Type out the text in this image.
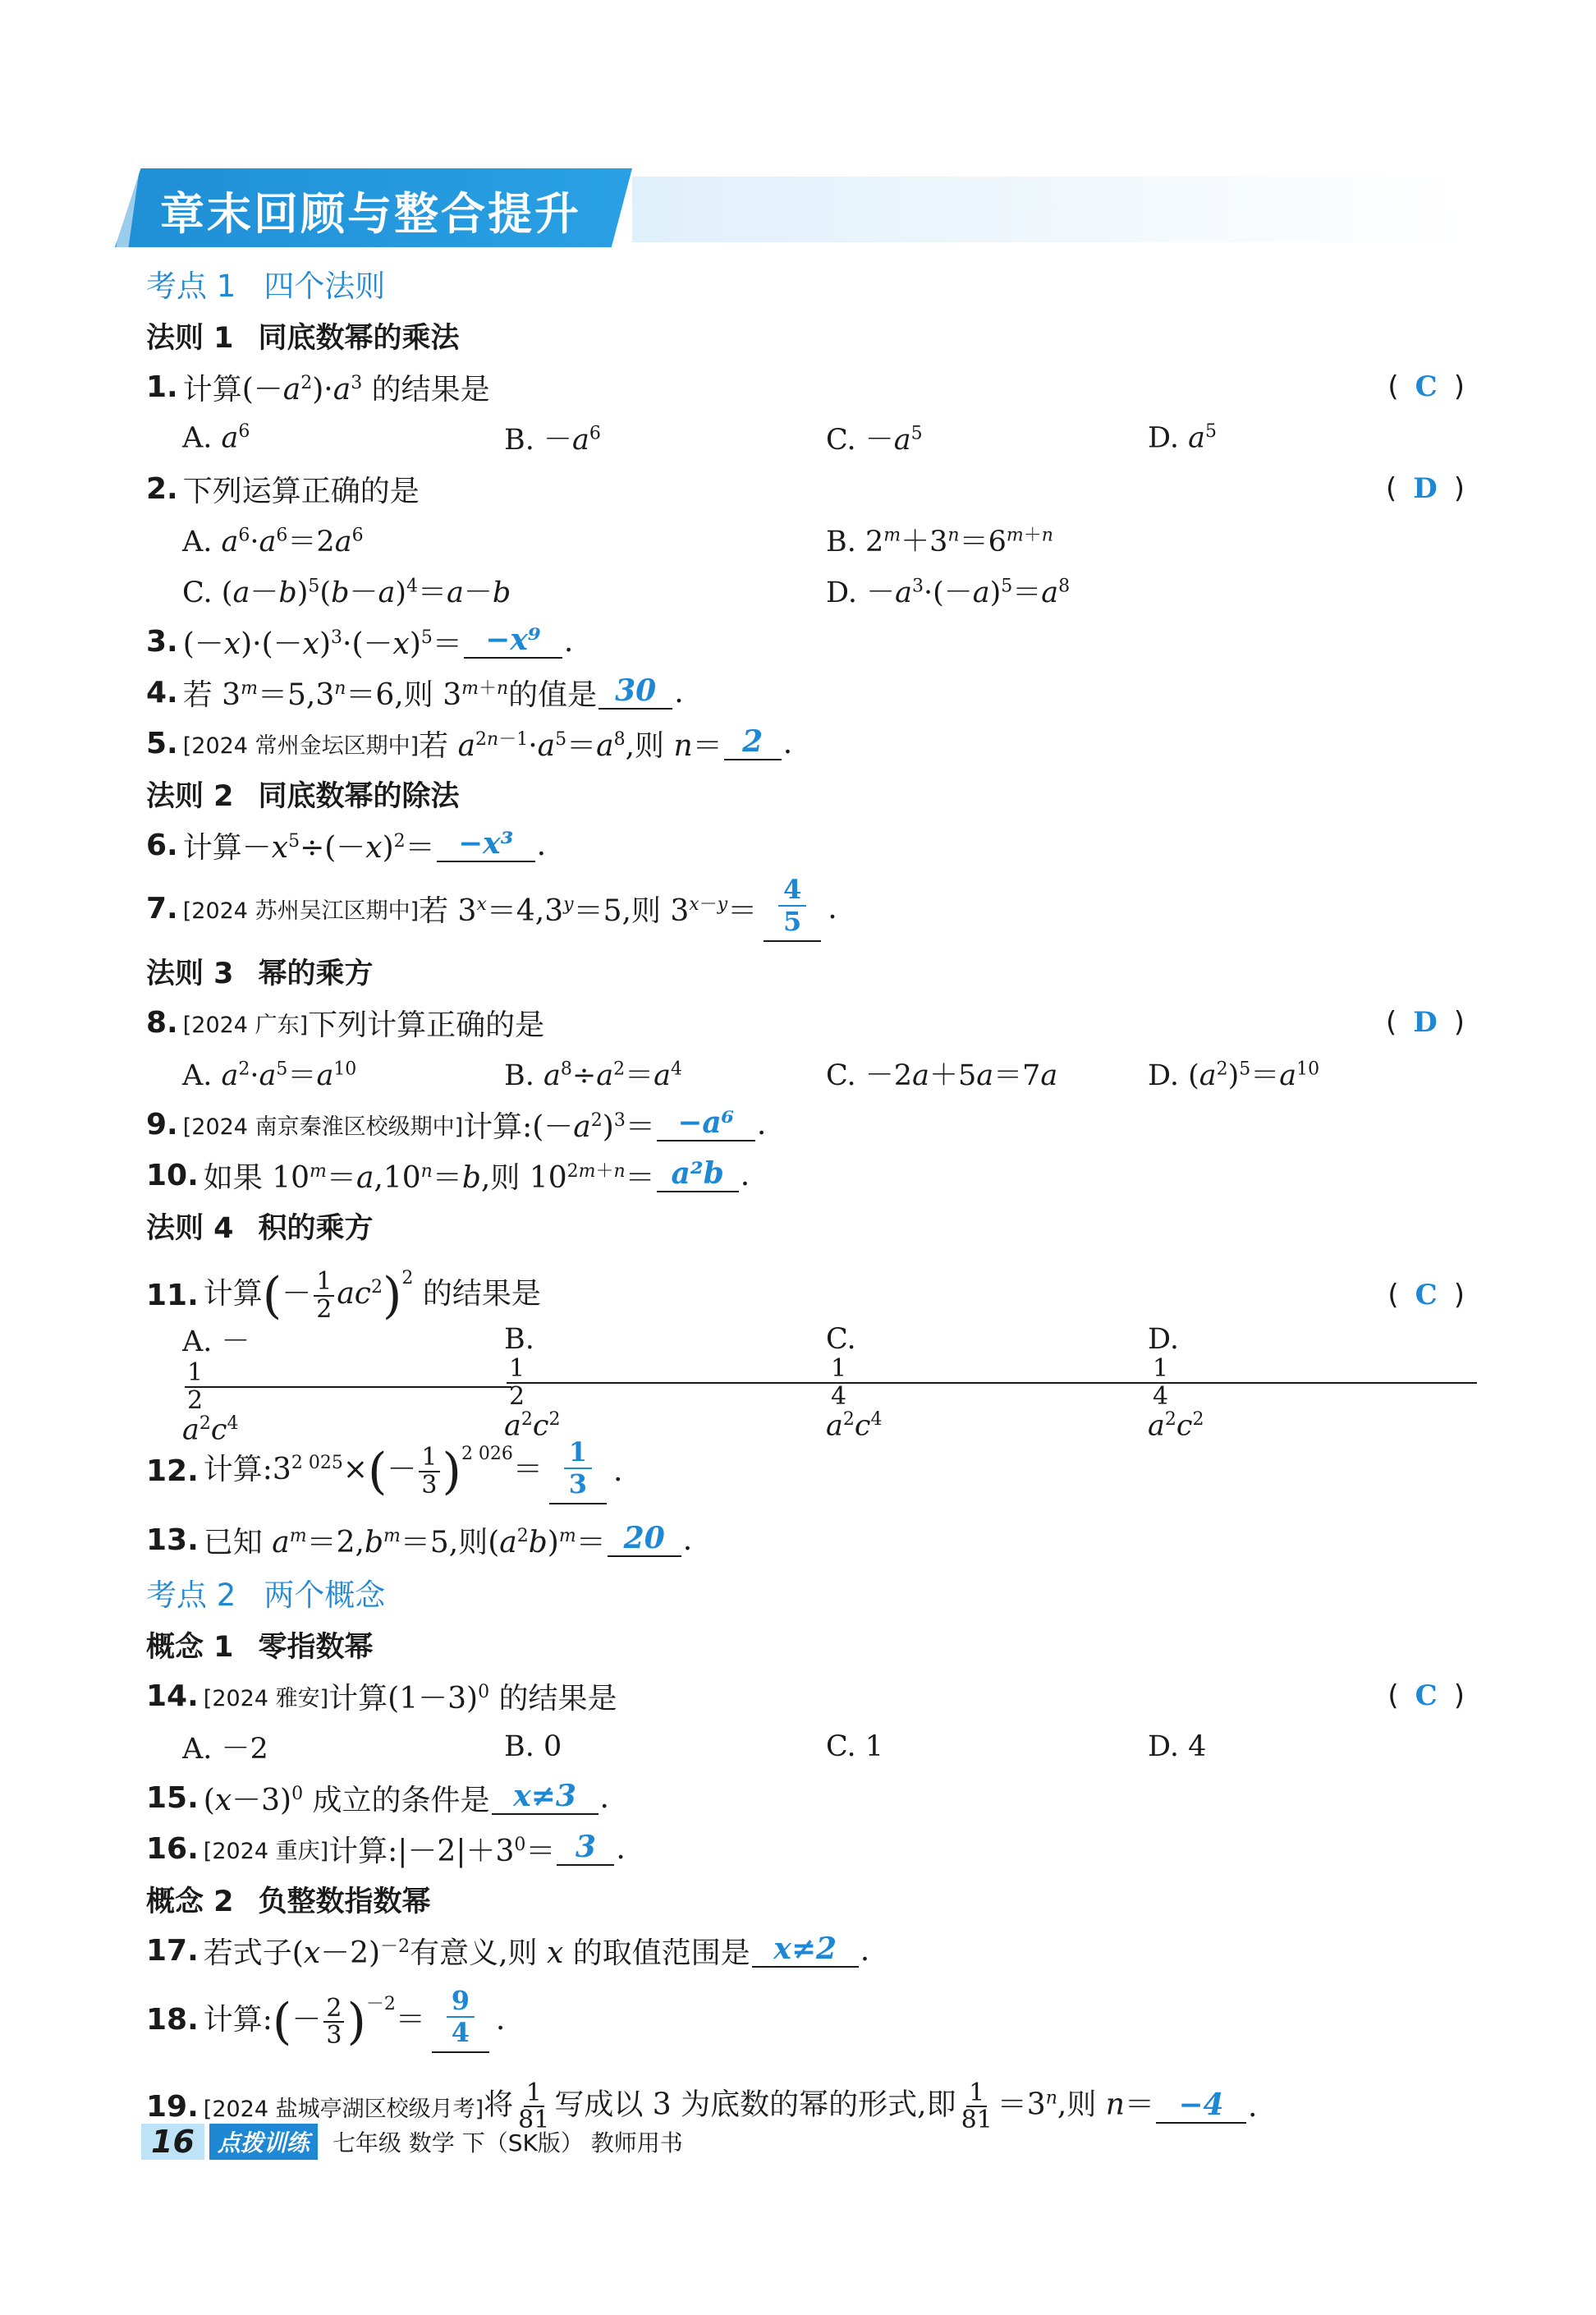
章末回顾与整合提升
考点 1 四个法则
法则 1 同底数幂的乘法
1. 计算$(-a^2)\cdot a^3$ 的结果是	( C )
A. $a^6$	B. $-a^6$	C. $-a^5$	D. $a^5$
2. 下列运算正确的是	( D )
A. $a^6\cdot a^6=2a^6$	B. $2^m+3^n=6^{m+n}$
C. $(a-b)^5(b-a)^4=a-b$	D. $-a^3\cdot(-a)^5=a^8$
3. $(-x)\cdot(-x)^3\cdot(-x)^5= -x^9$ .
4. 若 $3^m=5,3^n=6$,则 $3^{m+n}$的值是 30 .
5. [2024 常州金坛区期中] 若 $a^{2n-1}\cdot a^5=a^8$,则 n＝ 2 .
法则 2 同底数幂的除法
6. 计算$-x^5\div(-x)^2= -x^3$ .
7. [2024 苏州吴江区期中] 若 $3^x=4,3^y=5$,则 $3^{x-y}= \frac{4}{5}$ .
法则 3 幂的乘方
8. [2024 广东] 下列计算正确的是	( D )
A. $a^2\cdot a^5=a^{10}$	B. $a^8\div a^2=a^4$	C. －2a＋5a＝7a	D. $(a^2)^5=a^{10}$
9. [2024 南京秦淮区校级期中] 计算$:(-a^2)^3= -a^6$ .
10. 如果 $10^m=a,10^n=b$,则 $10^{2m+n}= a^2b$ .
法则 4 积的乘方
11. 计算(－ $\frac{1}{2} ac^2)^2$ 的结果是	( C )
A. $-\frac{1}{2}a^2c^4$
B. $\frac{1}{2}a^2c^2$
C. $\frac{1}{4}a^2c^4$
D. $\frac{1}{4}a^2c^2$
12. 计算$:3^{2 025}\times(- \frac{1}{3} )^{2 026}= \frac{1}{3}$ .
13. 已知 $a^m=2,b^m=5$,则$(a^2b)^m= 20$ .
考点 2 两个概念
概念 1 零指数幂
14. [2024 雅安] 计算$(1-3)^0$ 的结果是	( C )
A. －2	B. 0	C. 1	D. 4
15. $(x-3)^0$ 成立的条件是 x≠3 .
16. [2024 重庆] 计算$:|-2|+3^0= 3$ .
概念 2 负整数指数幂
17. 若式子$(x-2)^{-2}$有意义,则 x 的取值范围是 x≠2 .
18. 计算:(－ $\frac{2}{3} )^{-2}= \frac{9}{4}$ .
19. [2024 盐城亭湖区校级月考] 将 $\frac{1}{81}$ 写成以 3 为底数的幂的形式,即 $\frac{1}{81} =3^n$,则 n＝ −4 .
16	点拨训练	七年级 数学 下（SK版） 教师用书
